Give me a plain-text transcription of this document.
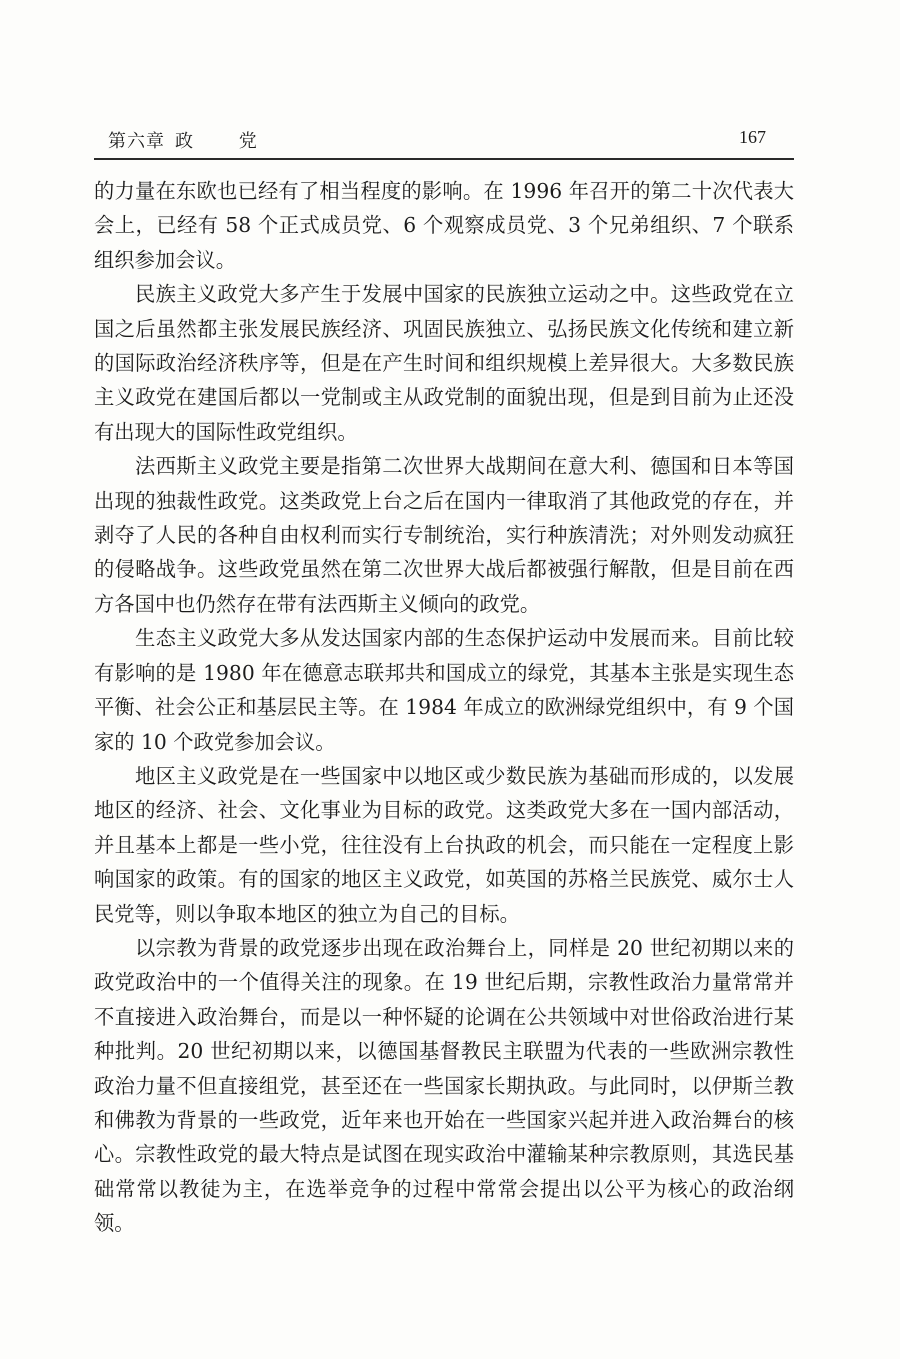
第六章 政 党	167

的力量在东欧也已经有了相当程度的影响。在 1996 年召开的第二十次代表大会上，已经有 58 个正式成员党、6 个观察成员党、3 个兄弟组织、7 个联系组织参加会议。

民族主义政党大多产生于发展中国家的民族独立运动之中。这些政党在立国之后虽然都主张发展民族经济、巩固民族独立、弘扬民族文化传统和建立新的国际政治经济秩序等，但是在产生时间和组织规模上差异很大。大多数民族主义政党在建国后都以一党制或主从政党制的面貌出现，但是到目前为止还没有出现大的国际性政党组织。

法西斯主义政党主要是指第二次世界大战期间在意大利、德国和日本等国出现的独裁性政党。这类政党上台之后在国内一律取消了其他政党的存在，并剥夺了人民的各种自由权利而实行专制统治，实行种族清洗；对外则发动疯狂的侵略战争。这些政党虽然在第二次世界大战后都被强行解散，但是目前在西方各国中也仍然存在带有法西斯主义倾向的政党。

生态主义政党大多从发达国家内部的生态保护运动中发展而来。目前比较有影响的是 1980 年在德意志联邦共和国成立的绿党，其基本主张是实现生态平衡、社会公正和基层民主等。在 1984 年成立的欧洲绿党组织中，有 9 个国家的 10 个政党参加会议。

地区主义政党是在一些国家中以地区或少数民族为基础而形成的，以发展地区的经济、社会、文化事业为目标的政党。这类政党大多在一国内部活动，并且基本上都是一些小党，往往没有上台执政的机会，而只能在一定程度上影响国家的政策。有的国家的地区主义政党，如英国的苏格兰民族党、威尔士人民党等，则以争取本地区的独立为自己的目标。

以宗教为背景的政党逐步出现在政治舞台上，同样是 20 世纪初期以来的政党政治中的一个值得关注的现象。在 19 世纪后期，宗教性政治力量常常并不直接进入政治舞台，而是以一种怀疑的论调在公共领域中对世俗政治进行某种批判。20 世纪初期以来，以德国基督教民主联盟为代表的一些欧洲宗教性政治力量不但直接组党，甚至还在一些国家长期执政。与此同时，以伊斯兰教和佛教为背景的一些政党，近年来也开始在一些国家兴起并进入政治舞台的核心。宗教性政党的最大特点是试图在现实政治中灌输某种宗教原则，其选民基础常常以教徒为主，在选举竞争的过程中常常会提出以公平为核心的政治纲领。
